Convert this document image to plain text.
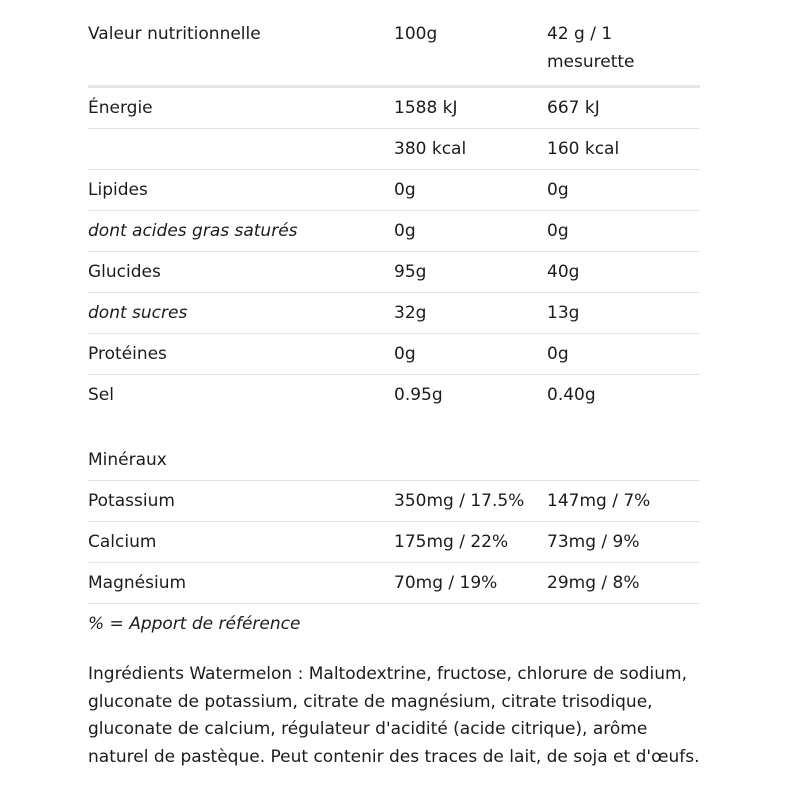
Valeur nutritionnelle	100g	42 g / 1
mesurette

Énergie	1588 kJ	667 kJ
	380 kcal	160 kcal
Lipides	0g	0g
dont acides gras saturés	0g	0g
Glucides	95g	40g
dont sucres	32g	13g
Protéines	0g	0g
Sel	0.95g	0.40g

Minéraux		
Potassium	350mg / 17.5%	147mg / 7%
Calcium	175mg / 22%	73mg / 9%
Magnésium	70mg / 19%	29mg / 8%
% = Apport de référence
Ingrédients Watermelon : Maltodextrine, fructose, chlorure de sodium, gluconate de potassium, citrate de magnésium, citrate trisodique, gluconate de calcium, régulateur d'acidité (acide citrique), arôme naturel de pastèque. Peut contenir des traces de lait, de soja et d'œufs.
